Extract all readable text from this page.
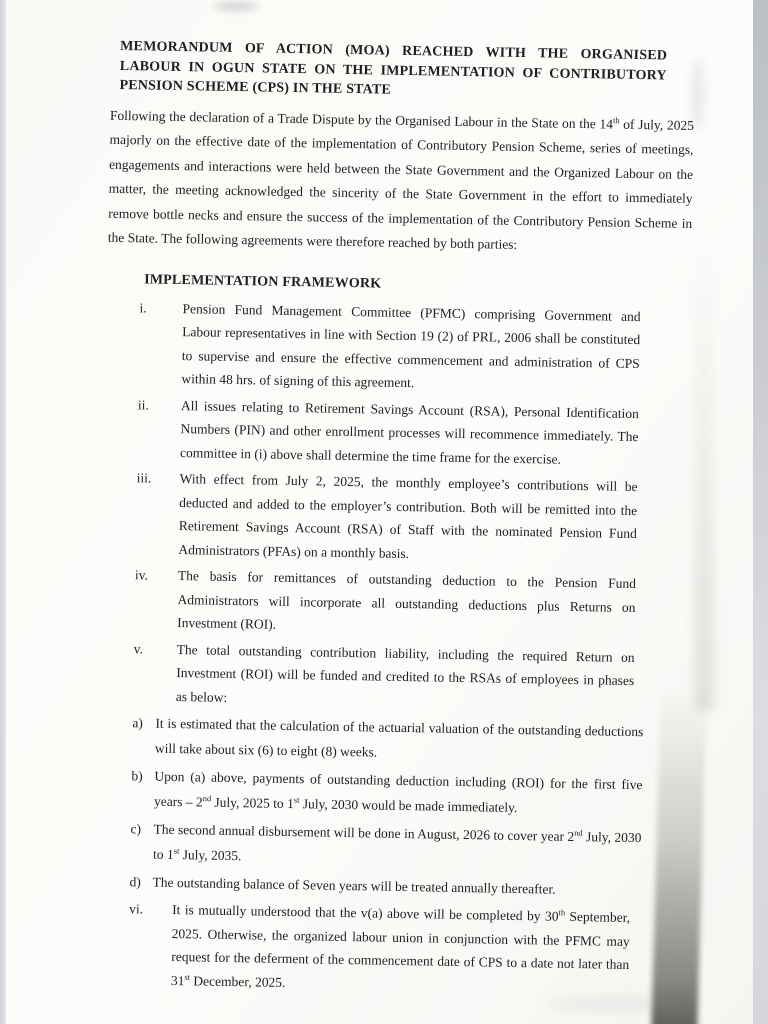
MEMORANDUM OF ACTION (MOA) REACHED WITH THE ORGANISED LABOUR IN OGUN STATE ON THE IMPLEMENTATION OF CONTRIBUTORY PENSION SCHEME (CPS) IN THE STATE

Following the declaration of a Trade Dispute by the Organised Labour in the State on the 14th of July, 2025 majorly on the effective date of the implementation of Contributory Pension Scheme, series of meetings, engagements and interactions were held between the State Government and the Organized Labour on the matter, the meeting acknowledged the sincerity of the State Government in the effort to immediately remove bottle necks and ensure the success of the implementation of the Contributory Pension Scheme in the State. The following agreements were therefore reached by both parties:

IMPLEMENTATION FRAMEWORK
i.	Pension Fund Management Committee (PFMC) comprising Government and Labour representatives in line with Section 19 (2) of PRL, 2006 shall be constituted to supervise and ensure the effective commencement and administration of CPS within 48 hrs. of signing of this agreement.
ii.	All issues relating to Retirement Savings Account (RSA), Personal Identification Numbers (PIN) and other enrollment processes will recommence immediately. The committee in (i) above shall determine the time frame for the exercise.
iii.	With effect from July 2, 2025, the monthly employee’s contributions will be deducted and added to the employer’s contribution. Both will be remitted into the Retirement Savings Account (RSA) of Staff with the nominated Pension Fund Administrators (PFAs) on a monthly basis.
iv.	The basis for remittances of outstanding deduction to the Pension Fund Administrators will incorporate all outstanding deductions plus Returns on Investment (ROI).
v.	The total outstanding contribution liability, including the required Return on Investment (ROI) will be funded and credited to the RSAs of employees in phases as below:
a) It is estimated that the calculation of the actuarial valuation of the outstanding deductions will take about six (6) to eight (8) weeks.
b) Upon (a) above, payments of outstanding deduction including (ROI) for the first five years – 2nd July, 2025 to 1st July, 2030 would be made immediately.
c) The second annual disbursement will be done in August, 2026 to cover year 2nd July, 2030 to 1st July, 2035.
d) The outstanding balance of Seven years will be treated annually thereafter.
vi.	It is mutually understood that the v(a) above will be completed by 30th September, 2025. Otherwise, the organized labour union in conjunction with the PFMC may request for the deferment of the commencement date of CPS to a date not later than 31st December, 2025.
